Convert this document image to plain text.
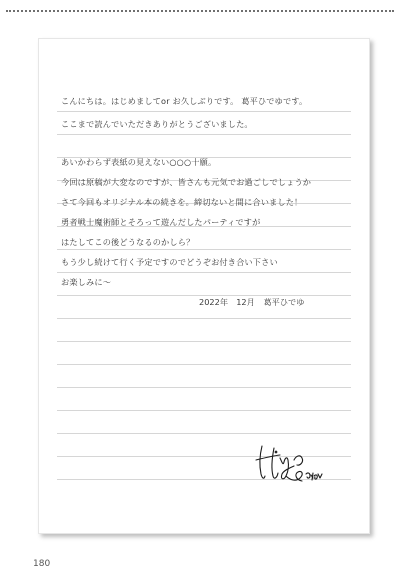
こんにちは。はじめましてor お久しぶりです。 葛平ひでゆです。
ここまで読んでいただきありがとうございました。
あいかわらず表紙の見えない○○○十願。
今回は原稿が大変なのですが、皆さんも元気でお過ごしでしょうか
さて今回もオリジナル本の続きを。締切ないと間に合いました！
勇者戦士魔術師とそろって遊んだしたパーティですが
はたしてこの後どうなるのかしら？
もう少し続けて行く予定ですのでどうぞお付き合い下さい
お楽しみに～
2022年　12月 葛平ひでゆ
180
